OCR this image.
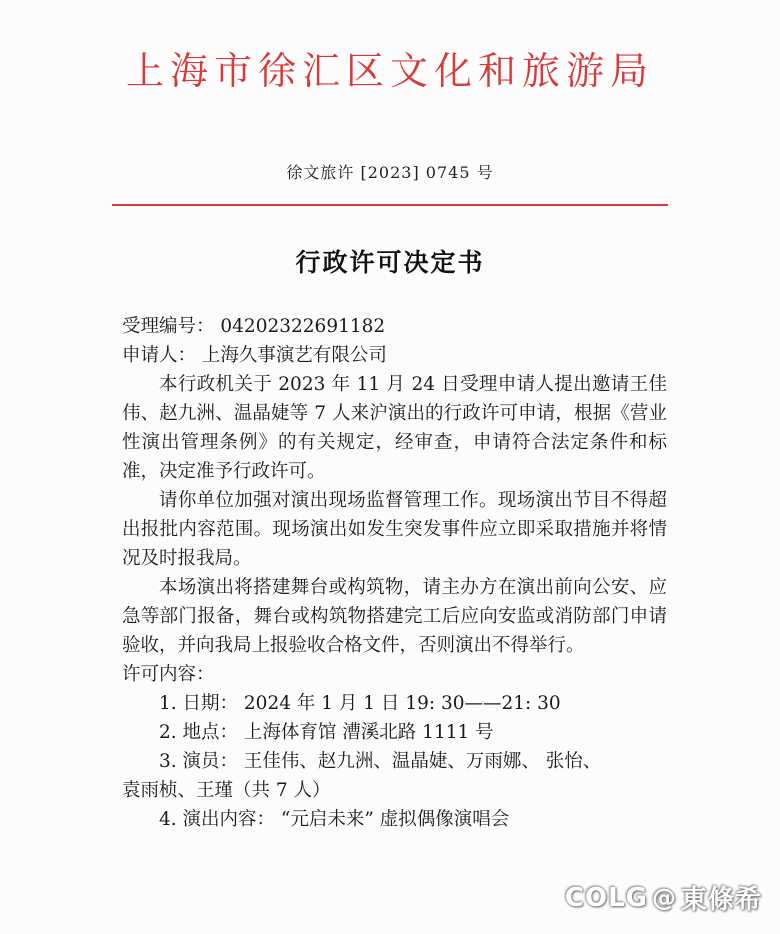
上海市徐汇区文化和旅游局
徐文旅许 [2023] 0745 号
行政许可决定书

受理编号： 04202322691182

申请人： 上海久事演艺有限公司

本行政机关于 2023 年 11 月 24 日受理申请人提出邀请王佳伟、赵九洲、温晶婕等 7 人来沪演出的行政许可申请，根据《营业性演出管理条例》的有关规定，经审查，申请符合法定条件和标准，决定准予行政许可。

请你单位加强对演出现场监督管理工作。现场演出节目不得超出报批内容范围。现场演出如发生突发事件应立即采取措施并将情况及时报我局。

本场演出将搭建舞台或构筑物，请主办方在演出前向公安、应急等部门报备，舞台或构筑物搭建完工后应向安监或消防部门申请验收，并向我局上报验收合格文件，否则演出不得举行。

许可内容：

1. 日期： 2024 年 1 月 1 日 19: 30——21: 30

2. 地点： 上海体育馆 漕溪北路 1111 号

3. 演员： 王佳伟、赵九洲、温晶婕、万雨娜、 张怡、

袁雨桢、王瑾（共 7 人）

4. 演出内容： “元启未来” 虚拟偶像演唱会

COLG @ 東條希
